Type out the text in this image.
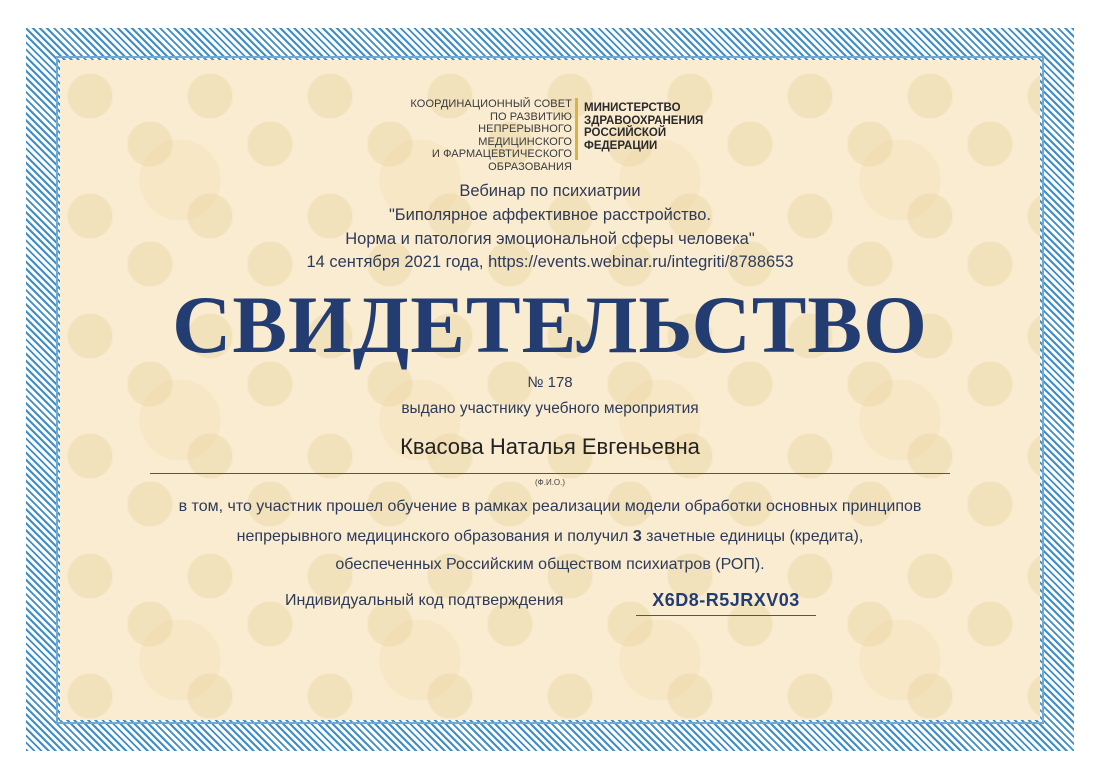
КООРДИНАЦИОННЫЙ СОВЕТ
ПО РАЗВИТИЮ НЕПРЕРЫВНОГО
МЕДИЦИНСКОГО
И ФАРМАЦЕВТИЧЕСКОГО
ОБРАЗОВАНИЯ
МИНИСТЕРСТВО
ЗДРАВООХРАНЕНИЯ
РОССИЙСКОЙ
ФЕДЕРАЦИИ
Вебинар по психиатрии
"Биполярное аффективное расстройство.
Норма и патология эмоциональной сферы человека"
14 сентября 2021 года, https://events.webinar.ru/integriti/8788653
СВИДЕТЕЛЬСТВО
№ 178
выдано участнику учебного мероприятия
Квасова Наталья Евгеньевна
(Ф.И.О.)
в том, что участник прошел обучение в рамках реализации модели обработки основных принципов
непрерывного медицинского образования и получил 3 зачетные единицы (кредита),
обеспеченных Российским обществом психиатров (РОП).
Индивидуальный код подтверждения	X6D8-R5JRXV03
